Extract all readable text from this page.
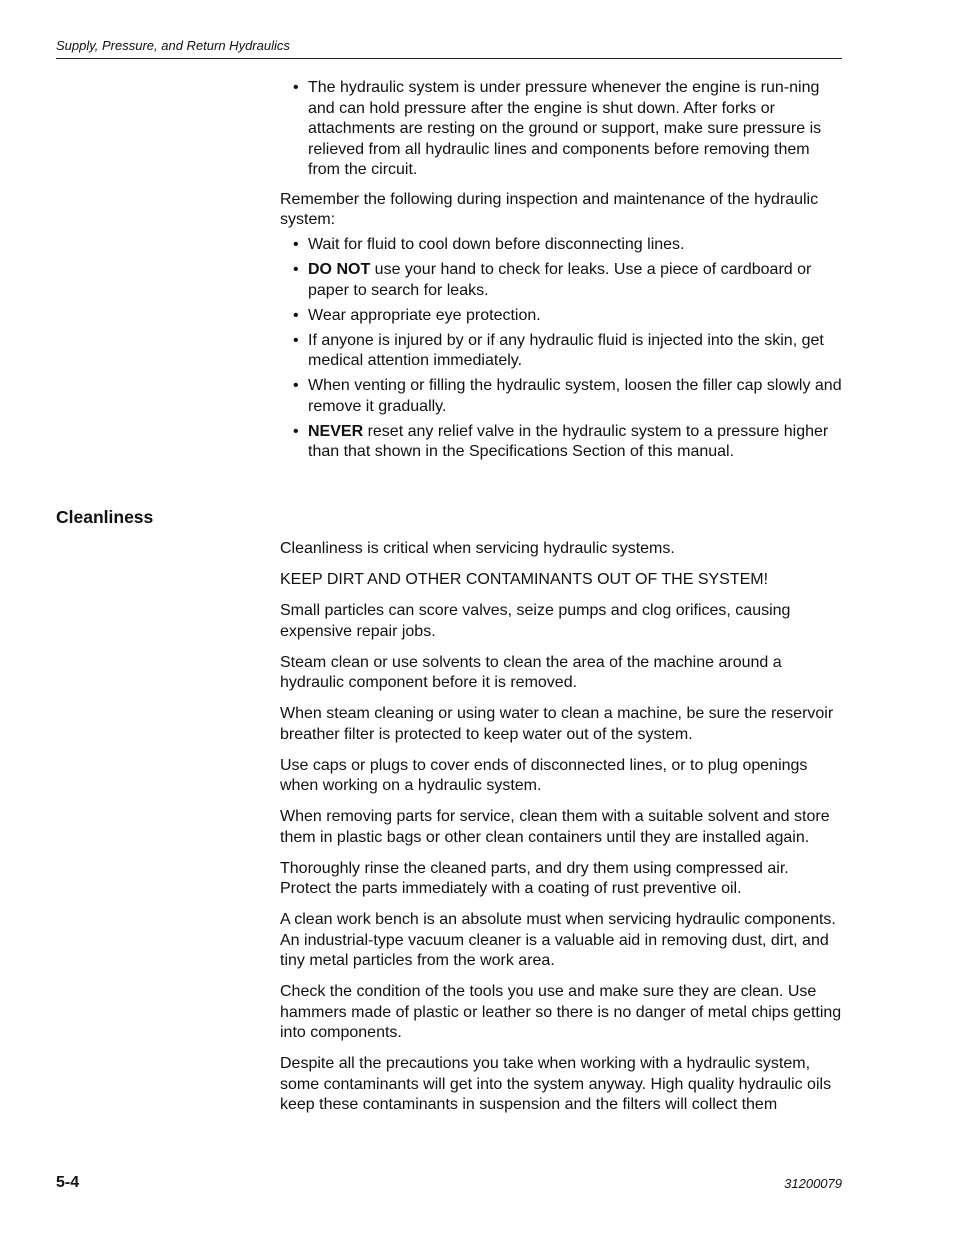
Supply, Pressure, and Return Hydraulics
• The hydraulic system is under pressure whenever the engine is run-ning and can hold pressure after the engine is shut down. After forks or attachments are resting on the ground or support, make sure pressure is relieved from all hydraulic lines and components before removing them from the circuit.

Remember the following during inspection and maintenance of the hydraulic system:

• Wait for fluid to cool down before disconnecting lines.
• DO NOT use your hand to check for leaks. Use a piece of cardboard or paper to search for leaks.
• Wear appropriate eye protection.
• If anyone is injured by or if any hydraulic fluid is injected into the skin, get medical attention immediately.
• When venting or filling the hydraulic system, loosen the filler cap slowly and remove it gradually.
• NEVER reset any relief valve in the hydraulic system to a pressure higher than that shown in the Specifications Section of this manual.
Cleanliness

Cleanliness is critical when servicing hydraulic systems.

KEEP DIRT AND OTHER CONTAMINANTS OUT OF THE SYSTEM!

Small particles can score valves, seize pumps and clog orifices, causing expensive repair jobs.

Steam clean or use solvents to clean the area of the machine around a hydraulic component before it is removed.

When steam cleaning or using water to clean a machine, be sure the reservoir breather filter is protected to keep water out of the system.

Use caps or plugs to cover ends of disconnected lines, or to plug openings when working on a hydraulic system.

When removing parts for service, clean them with a suitable solvent and store them in plastic bags or other clean containers until they are installed again.

Thoroughly rinse the cleaned parts, and dry them using compressed air. Protect the parts immediately with a coating of rust preventive oil.

A clean work bench is an absolute must when servicing hydraulic components. An industrial-type vacuum cleaner is a valuable aid in removing dust, dirt, and tiny metal particles from the work area.

Check the condition of the tools you use and make sure they are clean. Use hammers made of plastic or leather so there is no danger of metal chips getting into components.

Despite all the precautions you take when working with a hydraulic system, some contaminants will get into the system anyway. High quality hydraulic oils keep these contaminants in suspension and the filters will collect them

5-4	31200079
